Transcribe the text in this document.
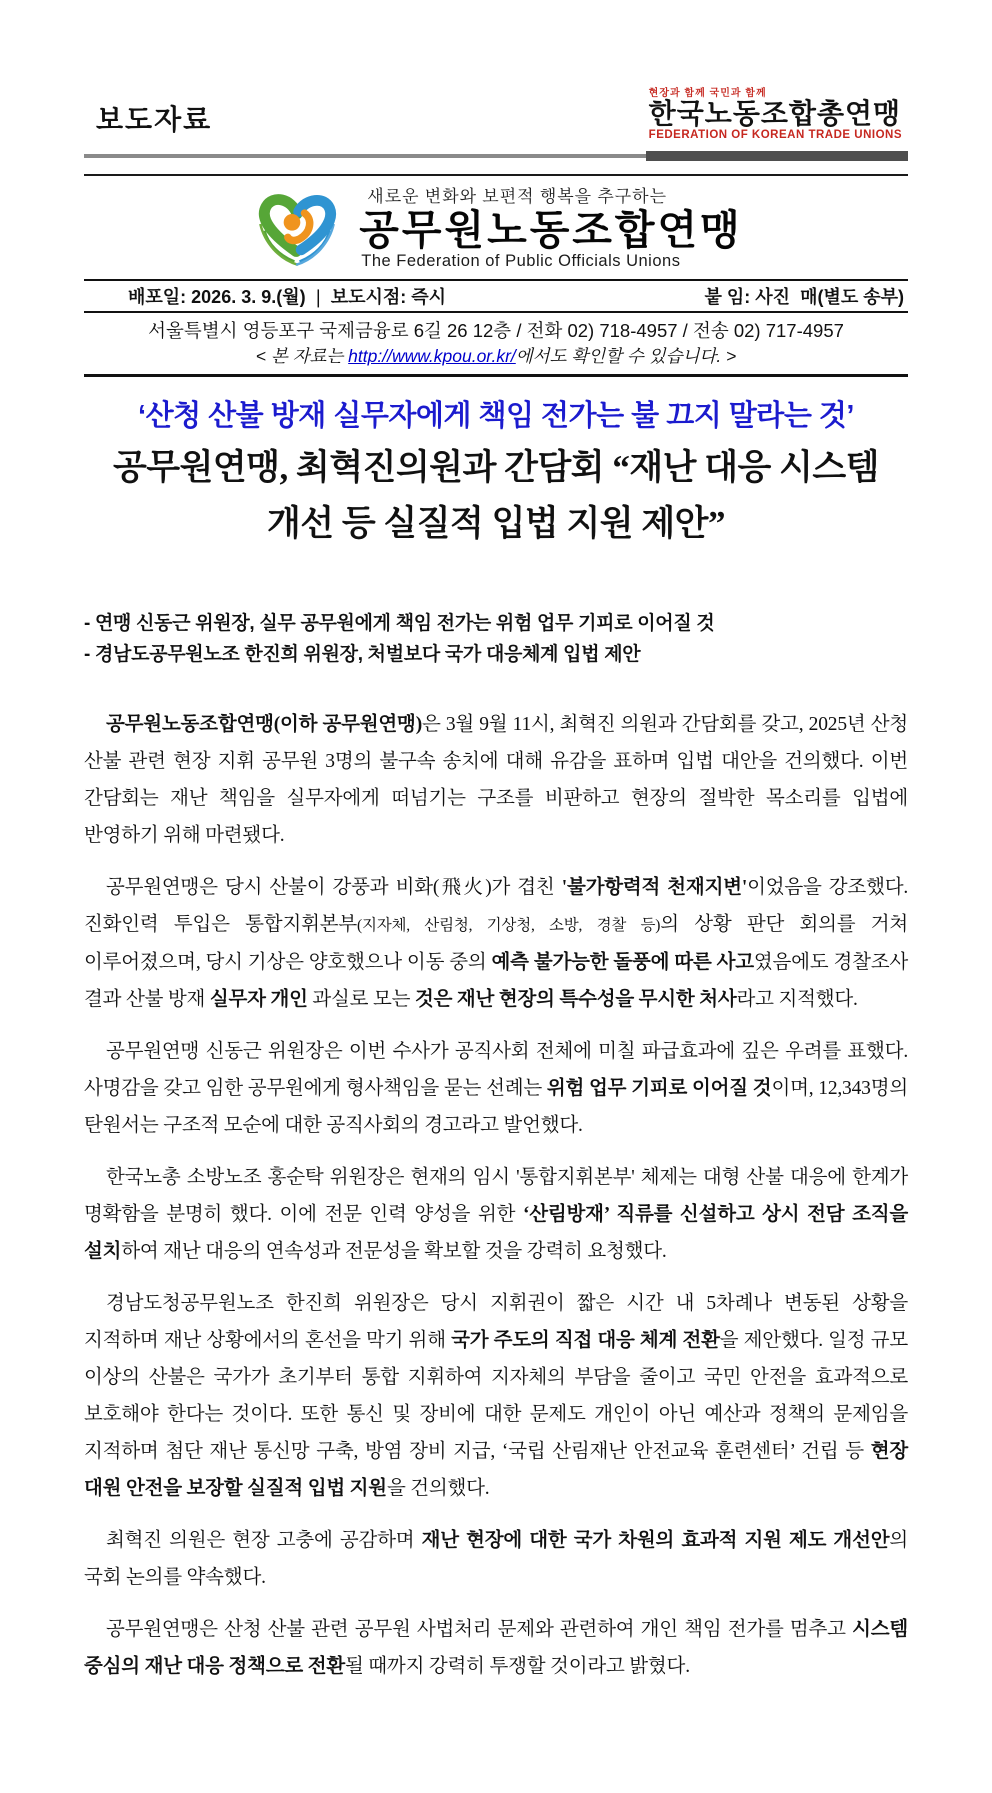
보도자료
현장과 함께 국민과 함께
한국노동조합총연맹
FEDERATION OF KOREAN TRADE UNIONS
새로운 변화와 보편적 행복을 추구하는
공무원노동조합연맹
The Federation of Public Officials Unions
배포일: 2026. 3. 9.(월) ❘ 보도시점: 즉시	붙 임: 사진  매(별도 송부)
서울특별시 영등포구 국제금융로 6길 26 12층 / 전화 02) 718-4957 / 전송 02) 717-4957
< 본 자료는 http://www.kpou.or.kr/에서도 확인할 수 있습니다. >
‘산청 산불 방재 실무자에게 책임 전가는 불 끄지 말라는 것’
공무원연맹, 최혁진의원과 간담회 “재난 대응 시스템
개선 등 실질적 입법 지원 제안”
- 연맹 신동근 위원장, 실무 공무원에게 책임 전가는 위험 업무 기피로 이어질 것
- 경남도공무원노조 한진희 위원장, 처벌보다 국가 대응체계 입법 제안

공무원노동조합연맹(이하 공무원연맹)은 3월 9월 11시, 최혁진 의원과 간담회를 갖고, 2025년 산청 산불 관련 현장 지휘 공무원 3명의 불구속 송치에 대해 유감을 표하며 입법 대안을 건의했다. 이번 간담회는 재난 책임을 실무자에게 떠넘기는 구조를 비판하고 현장의 절박한 목소리를 입법에 반영하기 위해 마련됐다.

공무원연맹은 당시 산불이 강풍과 비화(飛火)가 겹친 '불가항력적 천재지변'이었음을 강조했다. 진화인력 투입은 통합지휘본부(지자체, 산림청, 기상청, 소방, 경찰 등)의 상황 판단 회의를 거쳐 이루어졌으며, 당시 기상은 양호했으나 이동 중의 예측 불가능한 돌풍에 따른 사고였음에도 경찰조사 결과 산불 방재 실무자 개인 과실로 모는 것은 재난 현장의 특수성을 무시한 처사라고 지적했다.

공무원연맹 신동근 위원장은 이번 수사가 공직사회 전체에 미칠 파급효과에 깊은 우려를 표했다. 사명감을 갖고 임한 공무원에게 형사책임을 묻는 선례는 위험 업무 기피로 이어질 것이며, 12,343명의 탄원서는 구조적 모순에 대한 공직사회의 경고라고 발언했다.

한국노총 소방노조 홍순탁 위원장은 현재의 임시 '통합지휘본부' 체제는 대형 산불 대응에 한계가 명확함을 분명히 했다. 이에 전문 인력 양성을 위한 ‘산림방재’ 직류를 신설하고 상시 전담 조직을 설치하여 재난 대응의 연속성과 전문성을 확보할 것을 강력히 요청했다.

경남도청공무원노조 한진희 위원장은 당시 지휘권이 짧은 시간 내 5차례나 변동된 상황을 지적하며 재난 상황에서의 혼선을 막기 위해 국가 주도의 직접 대응 체계 전환을 제안했다. 일정 규모 이상의 산불은 국가가 초기부터 통합 지휘하여 지자체의 부담을 줄이고 국민 안전을 효과적으로 보호해야 한다는 것이다. 또한 통신 및 장비에 대한 문제도 개인이 아닌 예산과 정책의 문제임을 지적하며 첨단 재난 통신망 구축, 방염 장비 지급, ‘국립 산림재난 안전교육 훈련센터’ 건립 등 현장 대원 안전을 보장할 실질적 입법 지원을 건의했다.

최혁진 의원은 현장 고충에 공감하며 재난 현장에 대한 국가 차원의 효과적 지원 제도 개선안의 국회 논의를 약속했다.

공무원연맹은 산청 산불 관련 공무원 사법처리 문제와 관련하여 개인 책임 전가를 멈추고 시스템 중심의 재난 대응 정책으로 전환될 때까지 강력히 투쟁할 것이라고 밝혔다.
